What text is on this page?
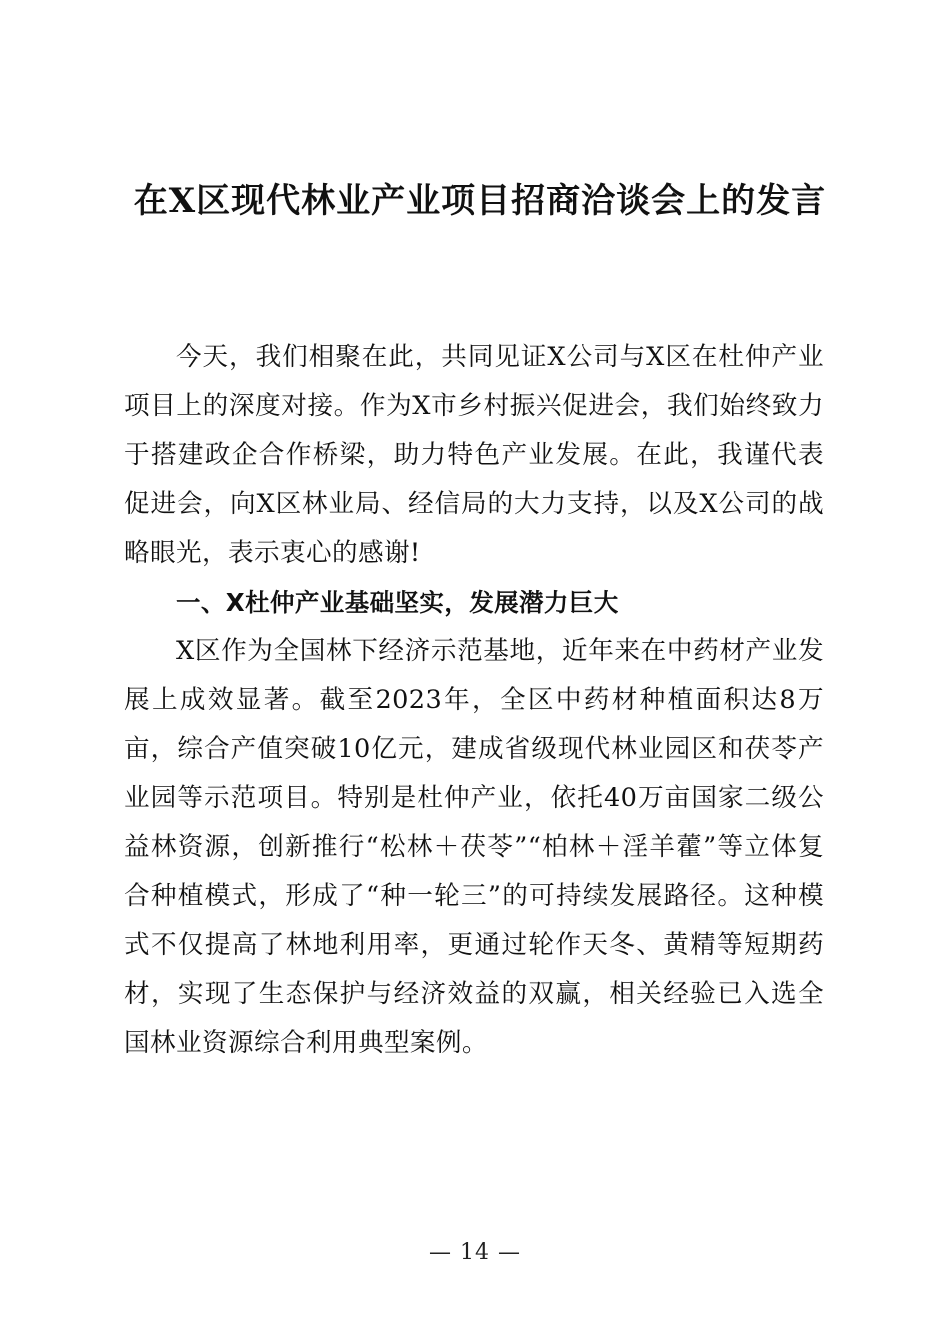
在X区现代林业产业项目招商洽谈会上的发言

今天，我们相聚在此，共同见证X公司与X区在杜仲产业项目上的深度对接。作为X市乡村振兴促进会，我们始终致力于搭建政企合作桥梁，助力特色产业发展。在此，我谨代表促进会，向X区林业局、经信局的大力支持，以及X公司的战略眼光，表示衷心的感谢!

一、X杜仲产业基础坚实，发展潜力巨大

X区作为全国林下经济示范基地，近年来在中药材产业发展上成效显著。截至2023年，全区中药材种植面积达8万亩，综合产值突破10亿元，建成省级现代林业园区和茯苓产业园等示范项目。特别是杜仲产业，依托40万亩国家二级公益林资源，创新推行“松林＋茯苓”“柏林＋淫羊藿”等立体复合种植模式，形成了“种一轮三”的可持续发展路径。这种模式不仅提高了林地利用率，更通过轮作天冬、黄精等短期药材，实现了生态保护与经济效益的双赢，相关经验已入选全国林业资源综合利用典型案例。

— 14 —
